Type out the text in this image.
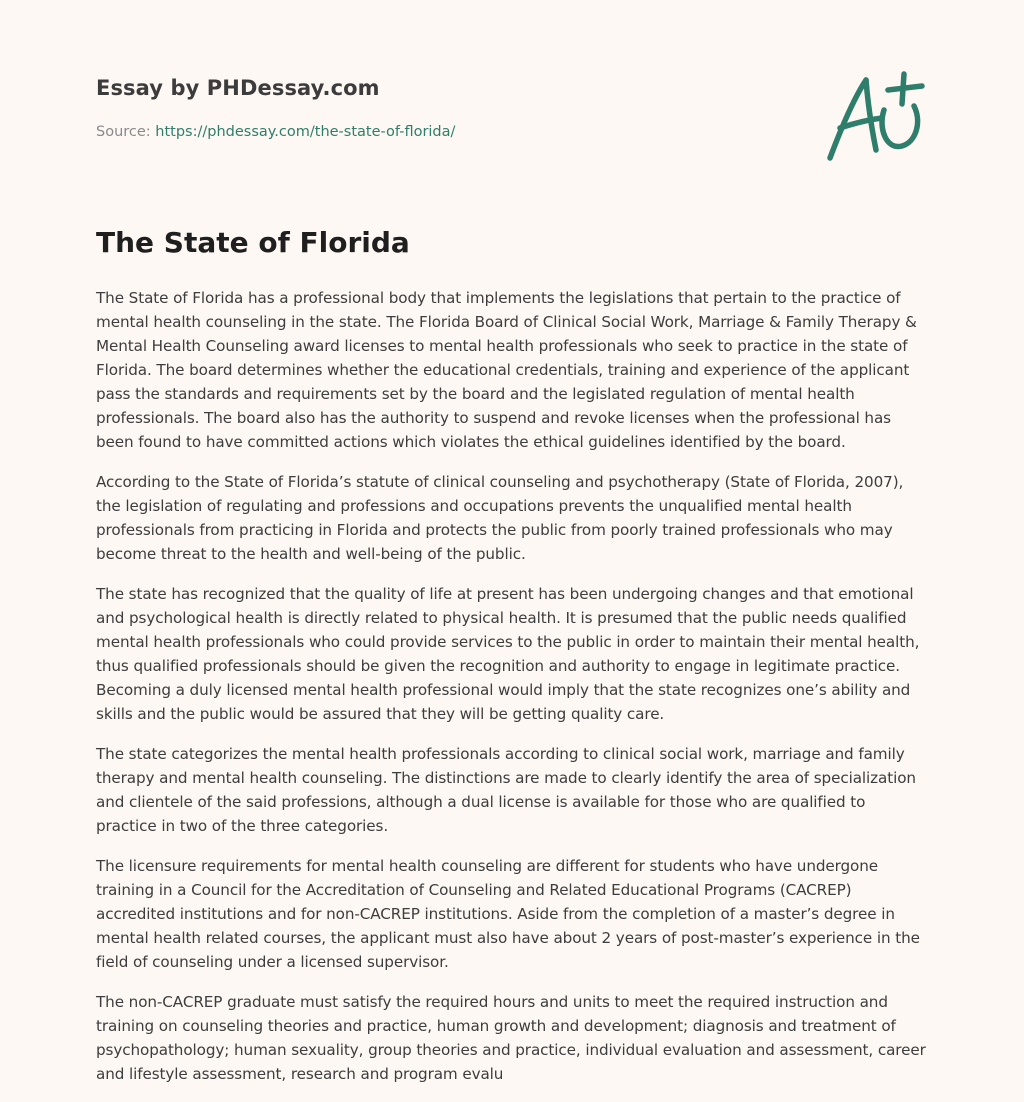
Essay by PHDessay.com
Source: https://phdessay.com/the-state-of-florida/
The State of Florida

The State of Florida has a professional body that implements the legislations that pertain to the practice of mental health counseling in the state. The Florida Board of Clinical Social Work, Marriage & Family Therapy & Mental Health Counseling award licenses to mental health professionals who seek to practice in the state of Florida. The board determines whether the educational credentials, training and experience of the applicant pass the standards and requirements set by the board and the legislated regulation of mental health professionals. The board also has the authority to suspend and revoke licenses when the professional has been found to have committed actions which violates the ethical guidelines identified by the board.

According to the State of Florida’s statute of clinical counseling and psychotherapy (State of Florida, 2007), the legislation of regulating and professions and occupations prevents the unqualified mental health professionals from practicing in Florida and protects the public from poorly trained professionals who may become threat to the health and well-being of the public.

The state has recognized that the quality of life at present has been undergoing changes and that emotional and psychological health is directly related to physical health. It is presumed that the public needs qualified mental health professionals who could provide services to the public in order to maintain their mental health, thus qualified professionals should be given the recognition and authority to engage in legitimate practice. Becoming a duly licensed mental health professional would imply that the state recognizes one’s ability and skills and the public would be assured that they will be getting quality care.

The state categorizes the mental health professionals according to clinical social work, marriage and family therapy and mental health counseling. The distinctions are made to clearly identify the area of specialization and clientele of the said professions, although a dual license is available for those who are qualified to practice in two of the three categories.

The licensure requirements for mental health counseling are different for students who have undergone training in a Council for the Accreditation of Counseling and Related Educational Programs (CACREP) accredited institutions and for non-CACREP institutions. Aside from the completion of a master’s degree in mental health related courses, the applicant must also have about 2 years of post-master’s experience in the field of counseling under a licensed supervisor.

The non-CACREP graduate must satisfy the required hours and units to meet the required instruction and training on counseling theories and practice, human growth and development; diagnosis and treatment of psychopathology; human sexuality, group theories and practice, individual evaluation and assessment, career and lifestyle assessment, research and program evalu
